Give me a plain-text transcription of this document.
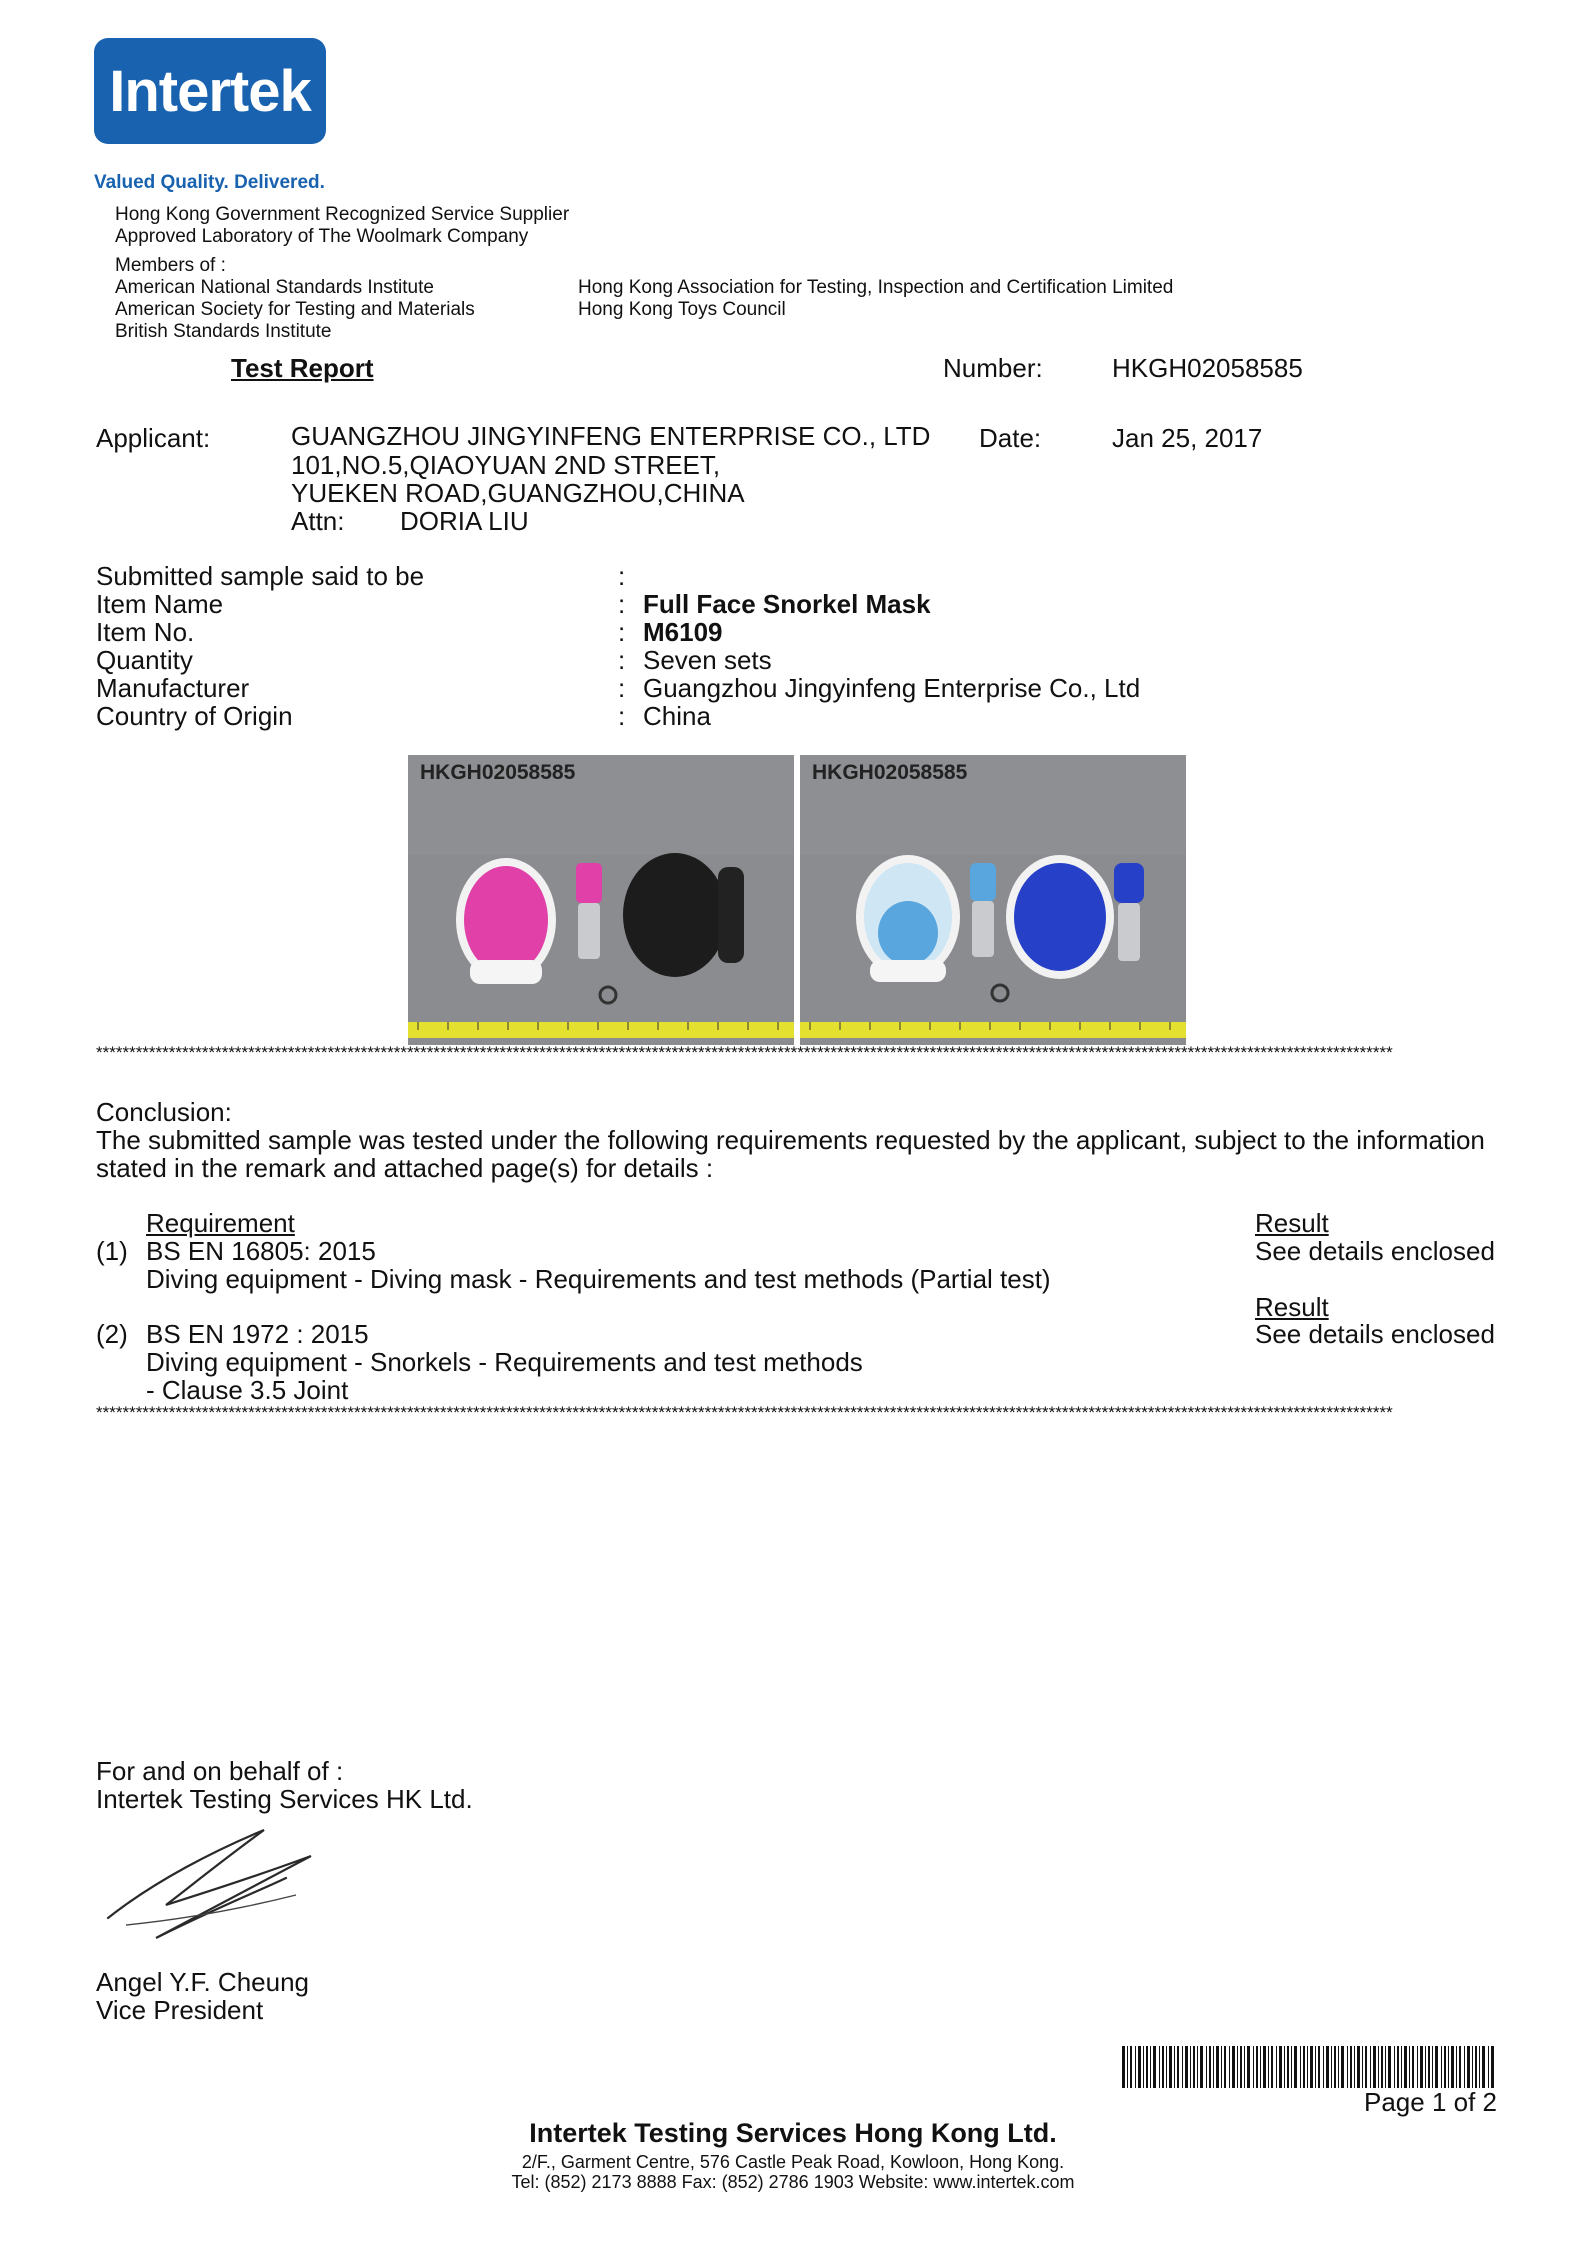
Intertek
Valued Quality. Delivered.
Hong Kong Government Recognized Service Supplier
Approved Laboratory of The Woolmark Company
Members of :
American National Standards Institute
American Society for Testing and Materials
British Standards Institute
Hong Kong Association for Testing, Inspection and Certification Limited
Hong Kong Toys Council
Test Report	Number:	HKGH02058585
Applicant:	GUANGZHOU JINGYINFENG ENTERPRISE CO., LTD
101,NO.5,QIAOYUAN 2ND STREET,
YUEKEN ROAD,GUANGZHOU,CHINA
Attn: DORIA LIU
Date:	Jan 25, 2017
Submitted sample said to be	:
Item Name	: Full Face Snorkel Mask
Item No.	: M6109
Quantity	: Seven sets
Manufacturer	: Guangzhou Jingyinfeng Enterprise Co., Ltd
Country of Origin	: China
HKGH02058585	HKGH02058585
****************************************************************************************************************************************************************************************************
Conclusion:
The submitted sample was tested under the following requirements requested by the applicant, subject to the information
stated in the remark and attached page(s) for details :
Requirement	Result
(1) BS EN 16805: 2015	See details enclosed
Diving equipment - Diving mask - Requirements and test methods (Partial test)
Result
(2) BS EN 1972 : 2015	See details enclosed
Diving equipment - Snorkels - Requirements and test methods
- Clause 3.5 Joint
****************************************************************************************************************************************************************************************************
For and on behalf of :
Intertek Testing Services HK Ltd.
Angel Y.F. Cheung
Vice President
Page 1 of 2
Intertek Testing Services Hong Kong Ltd.
2/F., Garment Centre, 576 Castle Peak Road, Kowloon, Hong Kong.
Tel: (852) 2173 8888 Fax: (852) 2786 1903 Website: www.intertek.com
